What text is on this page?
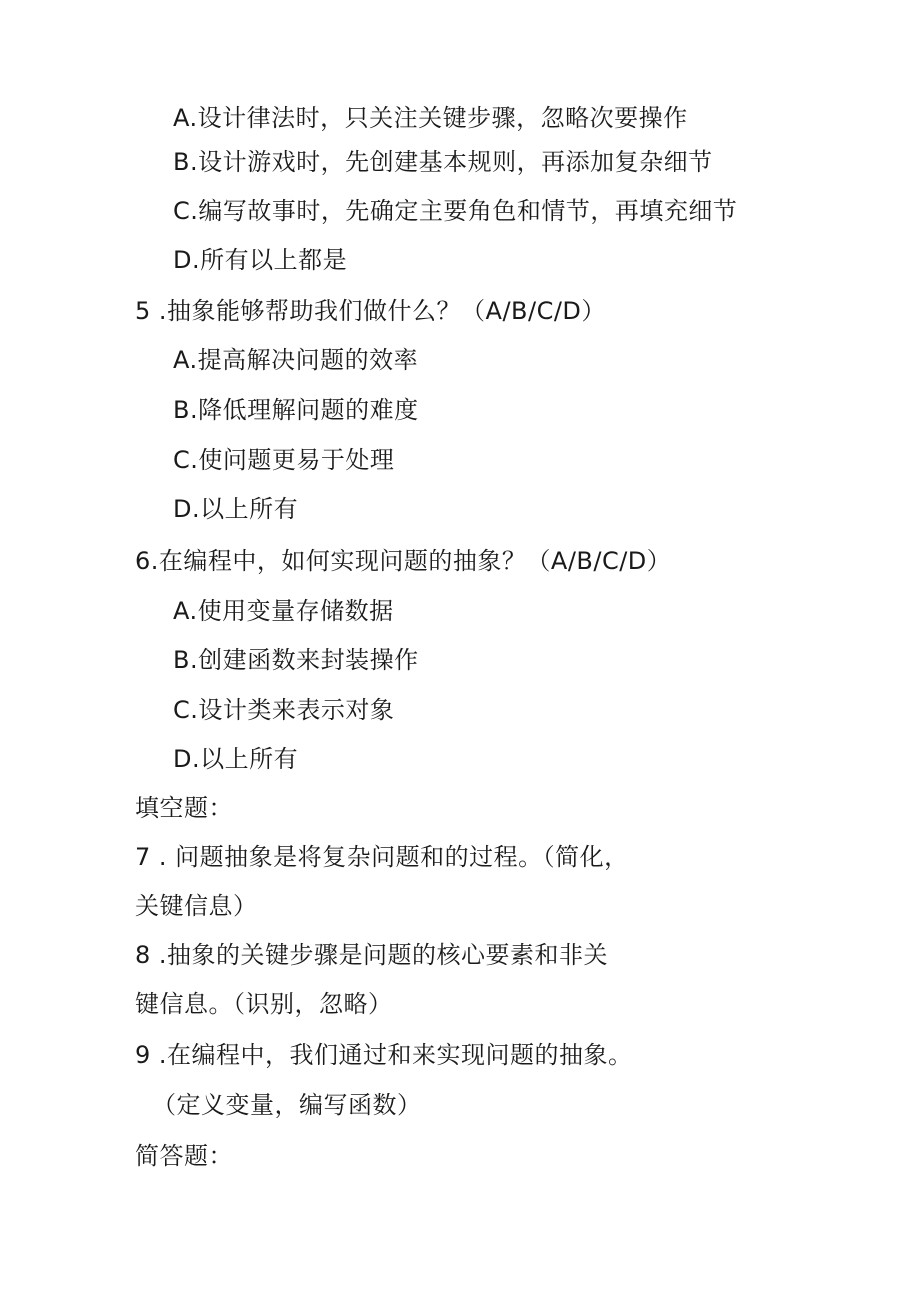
A.设计律法时，只关注关键步骤，忽略次要操作
B.设计游戏时，先创建基本规则，再添加复杂细节
C.编写故事时，先确定主要角色和情节，再填充细节
D.所有以上都是
5 .抽象能够帮助我们做什么？（A/B/C/D）
A.提高解决问题的效率
B.降低理解问题的难度
C.使问题更易于处理
D.以上所有
6.在编程中，如何实现问题的抽象？（A/B/C/D）
A.使用变量存储数据
B.创建函数来封装操作
C.设计类来表示对象
D.以上所有
填空题：
7 . 问题抽象是将复杂问题和的过程。（简化，
关键信息）
8 .抽象的关键步骤是问题的核心要素和非关
键信息。（识别，忽略）
9 .在编程中，我们通过和来实现问题的抽象。
（定义变量，编写函数）
简答题：
